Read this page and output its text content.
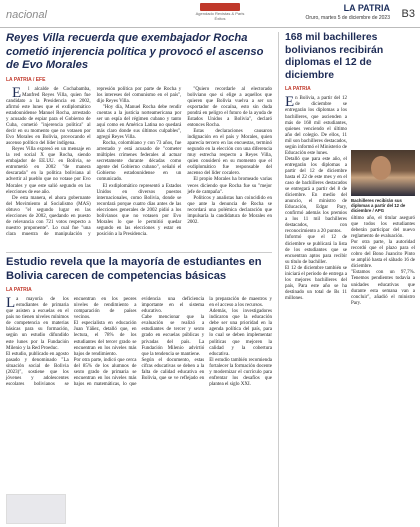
nacional	Agendado Revistas & Paris Éxitos
LA PATRIA
Oruro, martes 5 de diciembre de 2023 B3
Reyes Villa recuerda que exembajador Rocha cometió injerencia política y provocó el ascenso de Evo Morales
LA PATRIA / EFE

El alcalde de Cochabamba, Manfred Reyes Villa, quien fue candidato a la Presidencia en 2002, afirmó este lunes que el exdiplomático estadounidense Manuel Rocha, arrestado y acusado de espiar para el Gobierno de Cuba, cometió "injerencia política" al decir en su momento que no votasen por Evo Morales en Bolivia, provocando el ascenso político del líder indígena.

Reyes Villa expresó en un mensaje en la red social X que Rocha, siendo embajador de EE.UU. en Bolivia, se entrometió en 2002 "de manera descarada" en la política boliviana al advertir al pueblo que no votase por Evo Morales y que este salió segundo en las elecciones de ese año.

De esta manera, el ahora gobernante del Movimiento al Socialismo (MAS) obtuvo "el segundo lugar en las elecciones de 2002, quedando en puesto de relevancia con 721 votos respecto a nuestro proponente". Lo cual fue "una clara muestra de manipulación y represión política por parte de Rocha y los intereses del comunismo en el país", dijo Reyes Villa.

"Hoy día, Manuel Rocha debe rendir cuentas a la justicia norteamericana por ser un espía del régimen cubano y tanto aquí como en América Latina no quedará más claro donde sus últimos culpables", agregó Reyes Villa.

Rocha, colombiano y con 73 años, fue arrestado y está acusado de "cometer múltiples crímenes federales al actuar secretamente durante décadas como agente del Gobierno cubano", señaló el Gobierno estadounidense en un comunicado.

El exdiplomático representó a Estados Unidos en diversos puestos internacionales, como Bolivia, donde se recordará porque cuatro días antes de las elecciones generales de 2002 pidió a los bolivianos que no votasen por Evo Morales lo que le permitió quedar segundo en las elecciones y estar en posición a la Presidencia.

"Quiero recordarle al electorado boliviano que si elige a aquellos que quieren que Bolivia vuelva a ser un exportador de cocaína, esto sin duda pondrá en peligro el futuro de la ayuda de Estados Unidos a Bolivia", declaró entonces Rocha.

Estas declaraciones causaron indignación en el país y Morales, quien aparecía tercero en las encuestas, terminó segundo en la elección con una diferencia muy estrecha respecto a Reyes Villa, quien consideró en su momento que el exdiplomático fue responsable del ascenso del líder cocalero.

El propio Morales ha bromeado varias veces diciendo que Rocha fue su "mejor jefe de campaña".

Políticos y analistas han coincidido en que ante la denuncia de Rocha se recordará una polémica declaración que impulsaría la candidatura de Morales en 2002.

168 mil bachilleres bolivianos recibirán diplomas el 12 de diciembre
LA PATRIA

En Bolivia, a partir del 12 de diciembre se entregarán los diplomas a los bachilleres, que ascienden a más de 168 mil estudiantes, quienes venciendo el último año del colegio. De ellos, 11 mil son bachilleres destacados, según informó el Ministerio de Educación este lunes.

Detalló que para este año, el entregarán los diplomas a partir del 12 de diciembre hasta el 22 de este mes y en el caso de bachilleres destacados se entregará a partir del 8 de diciembre. En medio del anuncio, el ministro de Educación, Edgar Pary, confirmó además los premios a los 11 mil bachilleres destacados, con reconocimiento a 20 puntos.

Informó que el 12 de diciembre se publicará la lista de los estudiantes que se encuentran aptos para recibir su título de bachiller.

El 12 de diciembre también se iniciará el periodo de entrega a los mejores bachilleres del país, Para este año se ha destinado un total de Bs 11 millones.

Bachilleres recibirán sus diplomas a partir del 12 de diciembre / APG

último año, el titular aseguró que todos los estudiantes deberán participar del nuevo reglamento de evaluación.

Por otra parte, la autoridad recordó que el plazo para el cobro del Bono Juancito Pinto se amplió hasta el sábado 16 de diciembre.

"Estamos con un 97,7%. Tenemos pendientes todavía a unidades educativas que durante esta semana van a concluir", añadió el ministro Pary.

Estudio revela que la mayoría de estudiantes en Bolivia carecen de competencias básicas
LA PATRIA

La mayoría de los estudiantes de primaria que asisten a escuelas en el país no tienen niveles mínimos de competencia en materias básicas para su formación, según un estudio difundido este lunes por la Fundación Milenio y la Red Proeduc.

El estudio, publicado en agosto pasado y denominado "La situación social de Bolivia (2023)", sostiene que los jóvenes y adolescentes escolares bolivianos se encuentran en los peores niveles de rendimiento a comparación de países vecinos.

El especialista en educación Juan Yáñez, detalló que, en lectura, el 78% de los estudiantes del tercer grado se encuentran en los niveles más bajos de rendimiento.

Por otra parte, indicó que cerca del 85% de los alumnos de sexto grado de primaria se encuentran en los niveles más bajos en matemáticas, lo que evidencia una deficiencia importante en el sistema educativo.

Cabe mencionar que la evaluación se realizó a estudiantes de tercer y sexto grado en escuelas públicas y privadas del país. La Fundación Milenio advirtió que la tendencia se mantiene.

Según el documento, estas cifras educativas se deben a la falta de calidad educativa en Bolivia, que se ve reflejado en la preparación de maestros y en el acceso a los recursos.

Además, los investigadores indicaron que la educación debe ser una prioridad en la agenda política del país, para lo cual se deben implementar políticas que mejoren la calidad y la cobertura educativa.

El estudio también recomienda fortalecer la formación docente y modernizar el currículo para enfrentar los desafíos que plantea el siglo XXI.
